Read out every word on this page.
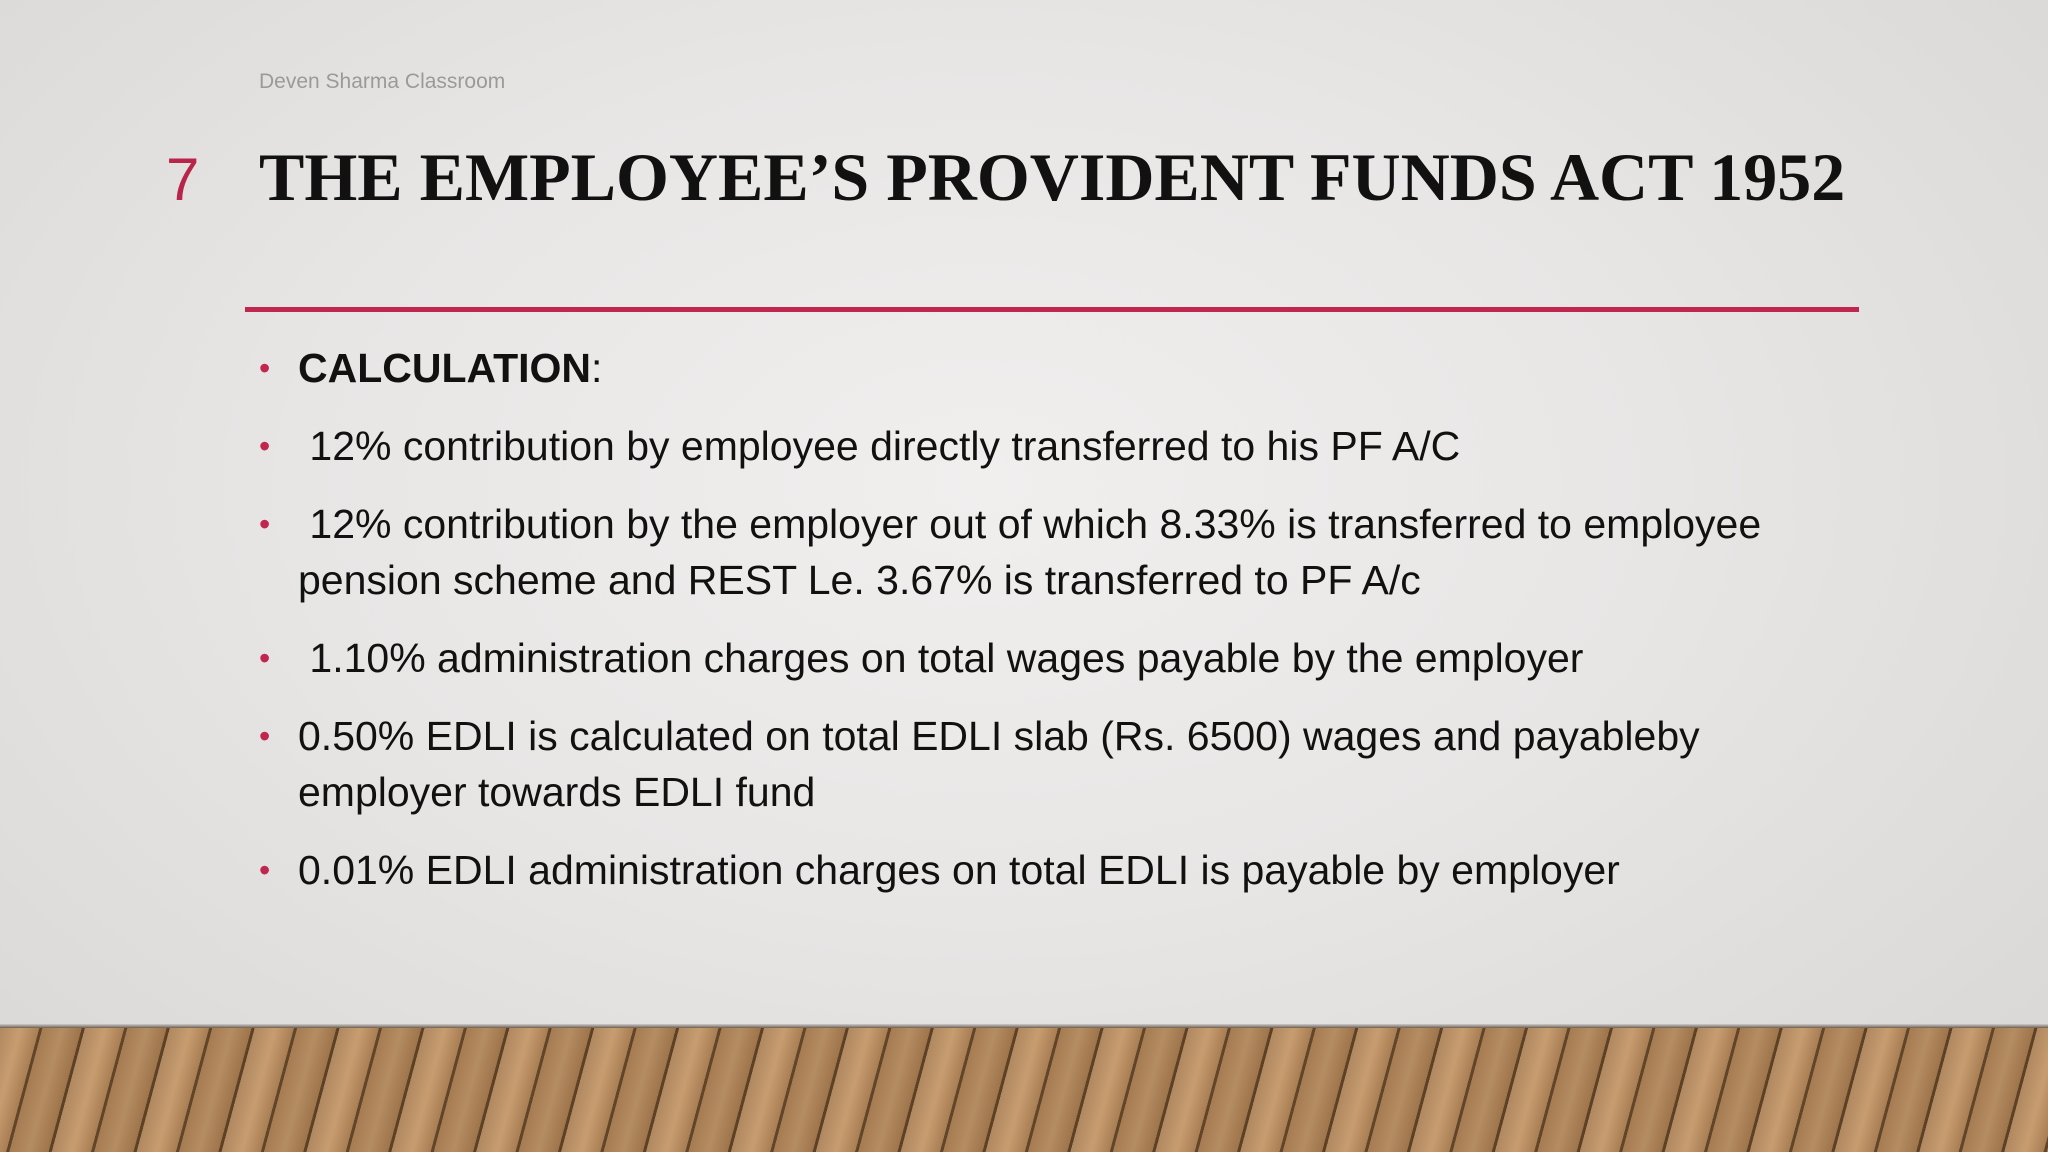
Deven Sharma Classroom
7 THE EMPLOYEE’S PROVIDENT FUNDS ACT 1952
• CALCULATION:
• 12% contribution by employee directly transferred to his PF A/C
• 12% contribution by the employer out of which 8.33% is transferred to employee pension scheme and REST Le. 3.67% is transferred to PF A/c
• 1.10% administration charges on total wages payable by the employer
• 0.50% EDLI is calculated on total EDLI slab (Rs. 6500) wages and payableby employer towards EDLI fund
• 0.01% EDLI administration charges on total EDLI is payable by employer
